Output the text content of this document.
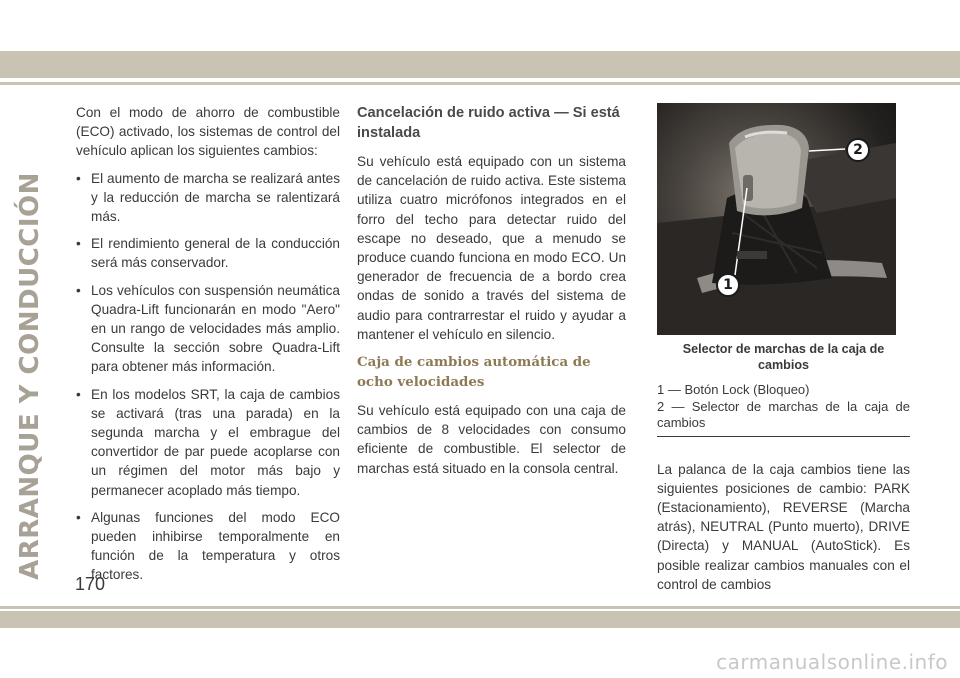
ARRANQUE Y CONDUCCIÓN

Con el modo de ahorro de combustible (ECO) activado, los sistemas de control del vehículo aplican los siguientes cambios:

• El aumento de marcha se realizará antes y la reducción de marcha se ralentizará más.
• El rendimiento general de la conducción será más conservador.
• Los vehículos con suspensión neumática Quadra-Lift funcionarán en modo "Aero" en un rango de velocidades más amplio. Consulte la sección sobre Quadra-Lift para obtener más información.
• En los modelos SRT, la caja de cambios se activará (tras una parada) en la segunda marcha y el embrague del convertidor de par puede acoplarse con un régimen del motor más bajo y permanecer acoplado más tiempo.
• Algunas funciones del modo ECO pueden inhibirse temporalmente en función de la temperatura y otros factores.
Cancelación de ruido activa — Si está instalada

Su vehículo está equipado con un sistema de cancelación de ruido activa. Este sistema utiliza cuatro micrófonos integrados en el forro del techo para detectar ruido del escape no deseado, que a menudo se produce cuando funciona en modo ECO. Un generador de frecuencia de a bordo crea ondas de sonido a través del sistema de audio para contrarrestar el ruido y ayudar a mantener el vehículo en silencio.

Caja de cambios automática de ocho velocidades

Su vehículo está equipado con una caja de cambios de 8 velocidades con consumo eficiente de combustible. El selector de marchas está situado en la consola central.

2
1
Selector de marchas de la caja de cambios

1 — Botón Lock (Bloqueo)

2 — Selector de marchas de la caja de cambios

La palanca de la caja cambios tiene las siguientes posiciones de cambio: PARK (Estacionamiento), REVERSE (Marcha atrás), NEUTRAL (Punto muerto), DRIVE (Directa) y MANUAL (AutoStick). Es posible realizar cambios manuales con el control de cambios

170
carmanualsonline.info
